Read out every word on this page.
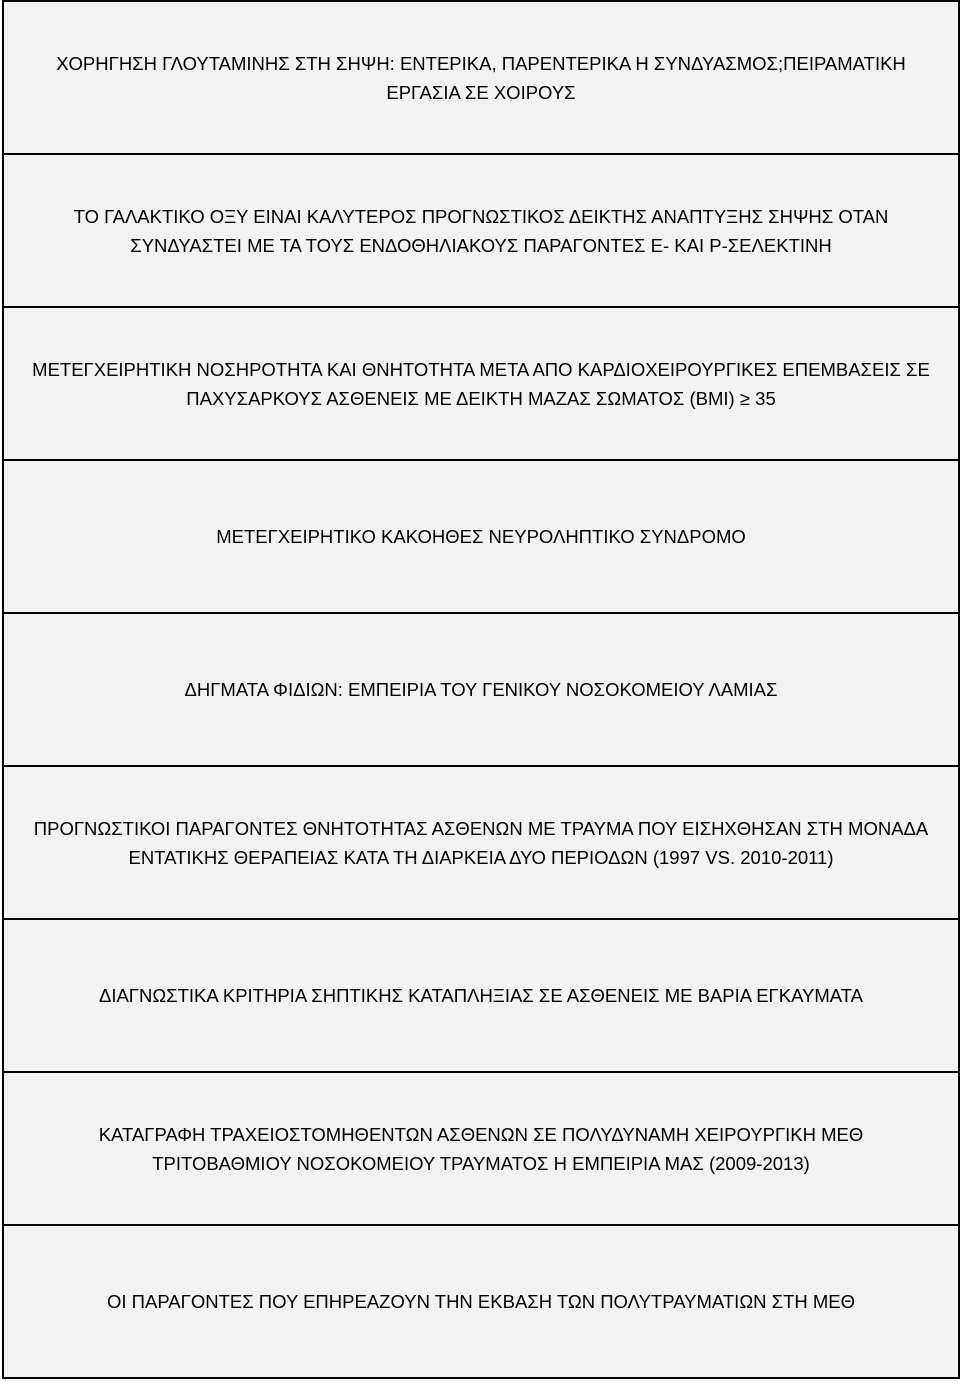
ΧΟΡΗΓΗΣΗ ΓΛΟΥΤΑΜΙΝΗΣ ΣΤΗ ΣΗΨΗ: ΕΝΤΕΡΙΚΑ, ΠΑΡΕΝΤΕΡΙΚΑ Η ΣΥΝΔΥΑΣΜΟΣ;ΠΕΙΡΑΜΑΤΙΚΗ
ΕΡΓΑΣΙΑ ΣΕ ΧΟΙΡΟΥΣ
ΤΟ ΓΑΛΑΚΤΙΚΟ ΟΞΥ ΕΙΝΑΙ ΚΑΛΥΤΕΡΟΣ ΠΡΟΓΝΩΣΤΙΚΟΣ ΔΕΙΚΤΗΣ ΑΝΑΠΤΥΞΗΣ ΣΗΨΗΣ ΟΤΑΝ
ΣΥΝΔΥΑΣΤΕΙ ΜΕ ΤΑ ΤΟΥΣ ΕΝΔΟΘΗΛΙΑΚΟΥΣ ΠΑΡΑΓΟΝΤΕΣ Ε- ΚΑΙ Ρ-ΣΕΛΕΚΤΙΝΗ
ΜΕΤΕΓΧΕΙΡΗΤΙΚΗ ΝΟΣΗΡΟΤΗΤΑ ΚΑΙ ΘΝΗΤΟΤΗΤΑ ΜΕΤΑ ΑΠΟ ΚΑΡΔΙΟΧΕΙΡΟΥΡΓΙΚΕΣ ΕΠΕΜΒΑΣΕΙΣ ΣΕ
ΠΑΧΥΣΑΡΚΟΥΣ ΑΣΘΕΝΕΙΣ ΜΕ ΔΕΙΚΤΗ ΜΑΖΑΣ ΣΩΜΑΤΟΣ (ΒΜΙ) ≥ 35
ΜΕΤΕΓΧΕΙΡΗΤΙΚΟ ΚΑΚΟΗΘΕΣ ΝΕΥΡΟΛΗΠΤΙΚΟ ΣΥΝΔΡΟΜΟ
ΔΗΓΜΑΤΑ ΦΙΔΙΩΝ: ΕΜΠΕΙΡΙΑ ΤΟΥ ΓΕΝΙΚΟΥ ΝΟΣΟΚΟΜΕΙΟΥ ΛΑΜΙΑΣ
ΠΡΟΓΝΩΣΤΙΚΟΙ ΠΑΡΑΓΟΝΤΕΣ ΘΝΗΤΟΤΗΤΑΣ ΑΣΘΕΝΩΝ ΜΕ ΤΡΑΥΜΑ ΠΟΥ ΕΙΣΗΧΘΗΣΑΝ ΣΤΗ ΜΟΝΑΔΑ
ΕΝΤΑΤΙΚΗΣ ΘΕΡΑΠΕΙΑΣ ΚΑΤΑ ΤΗ ΔΙΑΡΚΕΙΑ ΔΥΟ ΠΕΡΙΟΔΩΝ (1997 VS. 2010-2011)
ΔΙΑΓΝΩΣΤΙΚΑ ΚΡΙΤΗΡΙΑ ΣΗΠΤΙΚΗΣ ΚΑΤΑΠΛΗΞΙΑΣ ΣΕ ΑΣΘΕΝΕΙΣ ΜΕ ΒΑΡΙΑ ΕΓΚΑΥΜΑΤΑ
ΚΑΤΑΓΡΑΦΗ ΤΡΑΧΕΙΟΣΤΟΜΗΘΕΝΤΩΝ ΑΣΘΕΝΩΝ ΣΕ ΠΟΛΥΔΥΝΑΜΗ ΧΕΙΡΟΥΡΓΙΚΗ ΜΕΘ
ΤΡΙΤΟΒΑΘΜΙΟΥ ΝΟΣΟΚΟΜΕΙΟΥ ΤΡΑΥΜΑΤΟΣ Η ΕΜΠΕΙΡΙΑ ΜΑΣ (2009-2013)
ΟΙ ΠΑΡΑΓΟΝΤΕΣ ΠΟΥ ΕΠΗΡΕΑΖΟΥΝ ΤΗΝ ΕΚΒΑΣΗ ΤΩΝ ΠΟΛΥΤΡΑΥΜΑΤΙΩΝ ΣΤΗ ΜΕΘ
